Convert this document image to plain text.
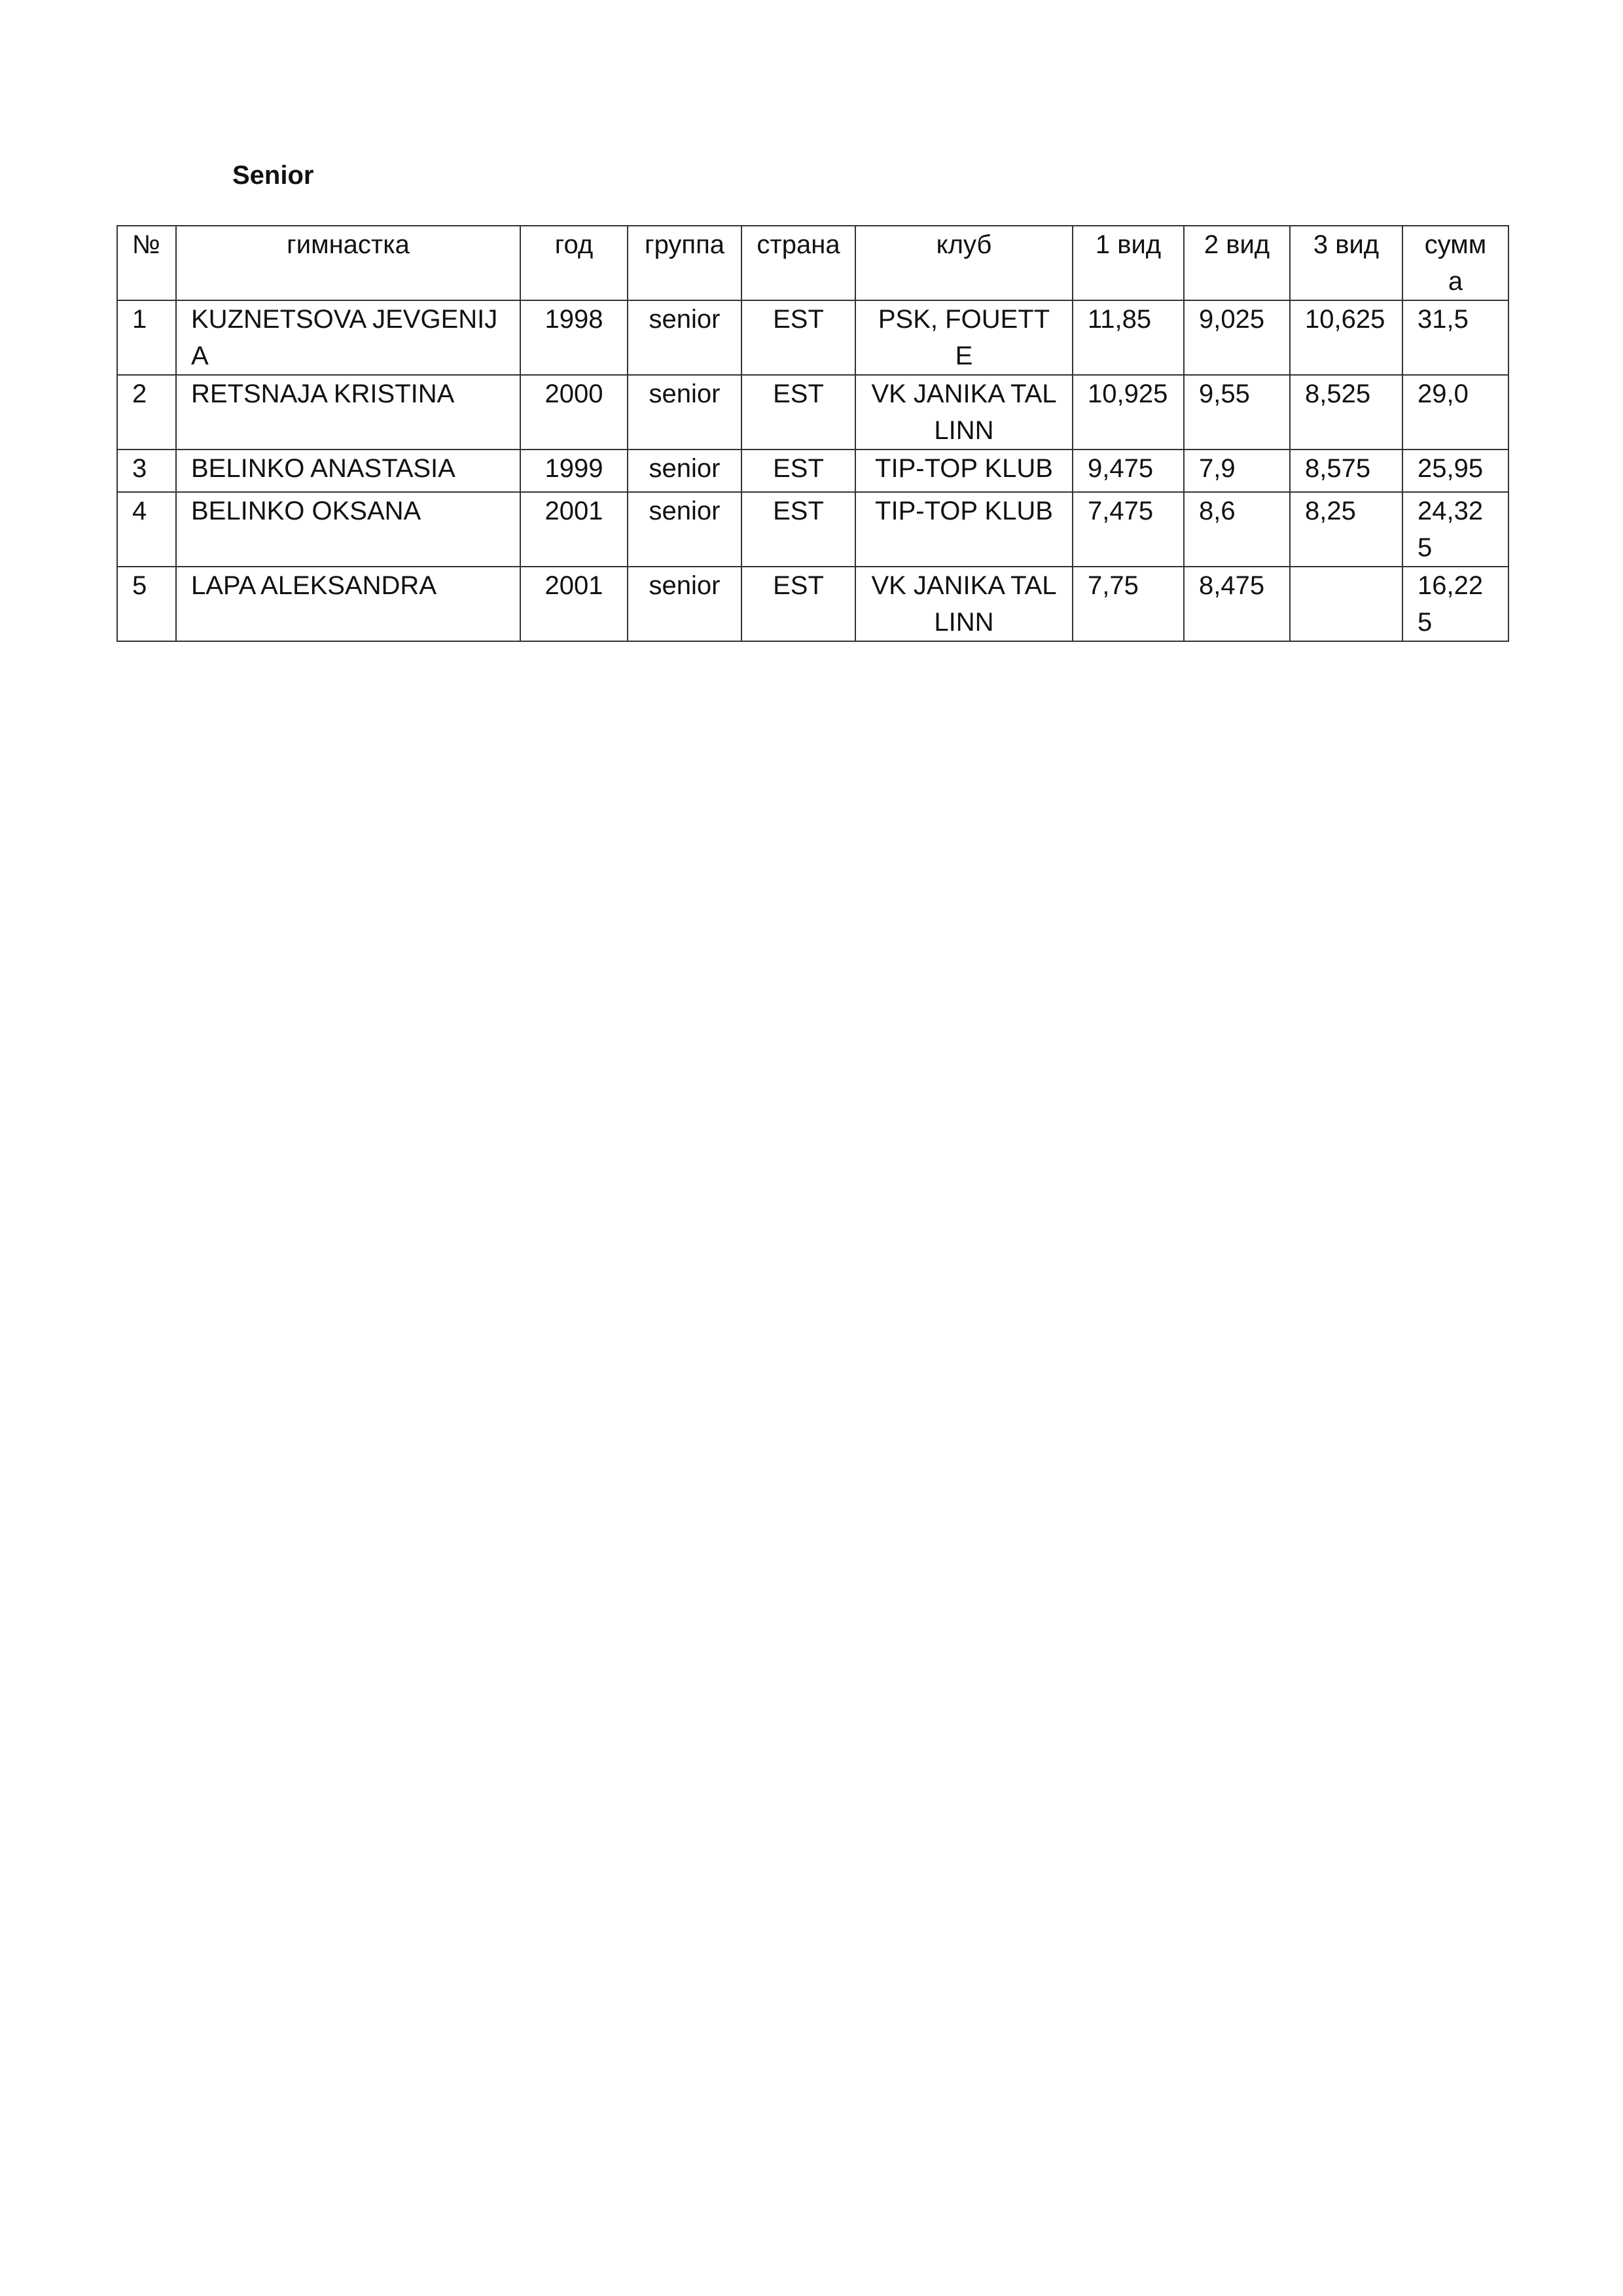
Senior
№	гимнастка	год	группа	страна	клуб	1 вид	2 вид	3 вид	сумма
1	KUZNETSOVA JEVGENIJA	1998	senior	EST	PSK, FOUETTE	11,85	9,025	10,625	31,5
2	RETSNAJA KRISTINA	2000	senior	EST	VK JANIKA TALLINN	10,925	9,55	8,525	29,0
3	BELINKO ANASTASIA	1999	senior	EST	TIP-TOP KLUB	9,475	7,9	8,575	25,95
4	BELINKO OKSANA	2001	senior	EST	TIP-TOP KLUB	7,475	8,6	8,25	24,325
5	LAPA ALEKSANDRA	2001	senior	EST	VK JANIKA TALLINN	7,75	8,475		16,225
